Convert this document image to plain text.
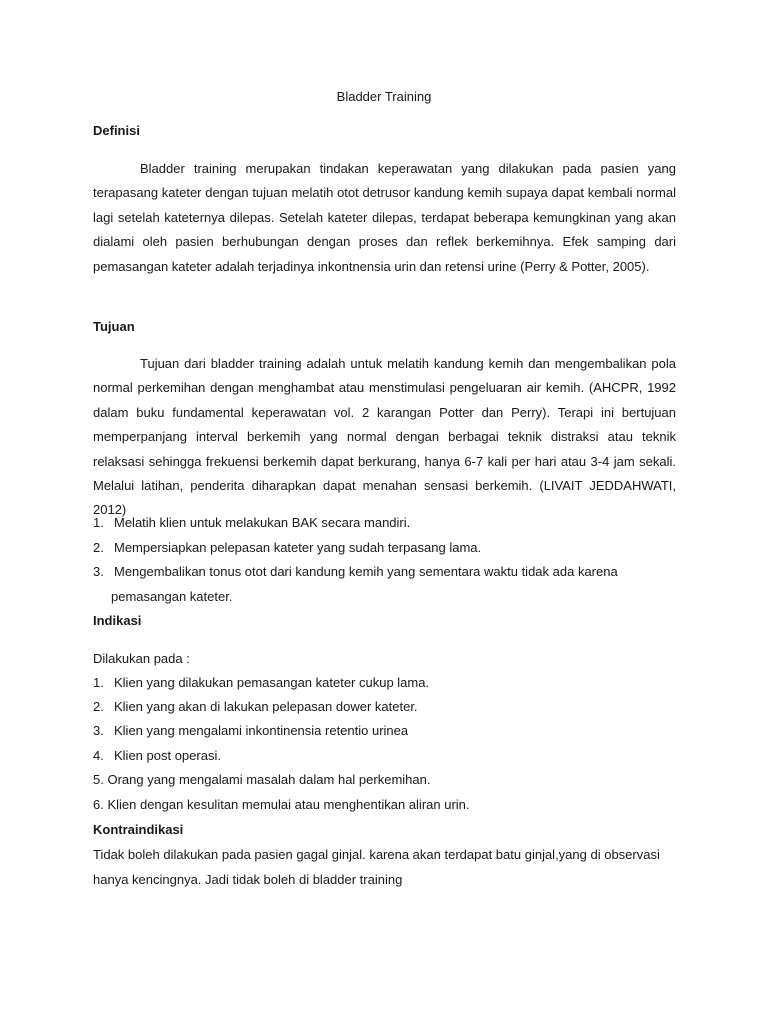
Bladder Training
Definisi

Bladder training merupakan tindakan keperawatan yang dilakukan pada pasien yang terapasang kateter dengan tujuan melatih otot detrusor kandung kemih supaya dapat kembali normal lagi setelah kateternya dilepas. Setelah kateter dilepas, terdapat beberapa kemungkinan yang akan dialami oleh pasien berhubungan dengan proses dan reflek berkemihnya. Efek samping dari pemasangan kateter adalah terjadinya inkontnensia urin dan retensi urine (Perry & Potter, 2005).

Tujuan

Tujuan dari bladder training adalah untuk melatih kandung kemih dan mengembalikan pola normal perkemihan dengan menghambat atau menstimulasi pengeluaran air kemih. (AHCPR, 1992 dalam buku fundamental keperawatan vol. 2 karangan Potter dan Perry). Terapi ini bertujuan memperpanjang interval berkemih yang normal dengan berbagai teknik distraksi atau teknik relaksasi sehingga frekuensi berkemih dapat berkurang, hanya 6-7 kali per hari atau 3-4 jam sekali. Melalui latihan, penderita diharapkan dapat menahan sensasi berkemih. (LIVAIT JEDDAHWATI, 2012)

1. Melatih klien untuk melakukan BAK secara mandiri.
2. Mempersiapkan pelepasan kateter yang sudah terpasang lama.
3. Mengembalikan tonus otot dari kandung kemih yang sementara waktu tidak ada karena
pemasangan kateter.
Indikasi
Dilakukan pada :
1. Klien yang dilakukan pemasangan kateter cukup lama.
2. Klien yang akan di lakukan pelepasan dower kateter.
3. Klien yang mengalami inkontinensia retentio urinea
4. Klien post operasi.
5. Orang yang mengalami masalah dalam hal perkemihan.
6. Klien dengan kesulitan memulai atau menghentikan aliran urin.
Kontraindikasi
Tidak boleh dilakukan pada pasien gagal ginjal. karena akan terdapat batu ginjal,yang di observasi
hanya kencingnya. Jadi tidak boleh di bladder training
